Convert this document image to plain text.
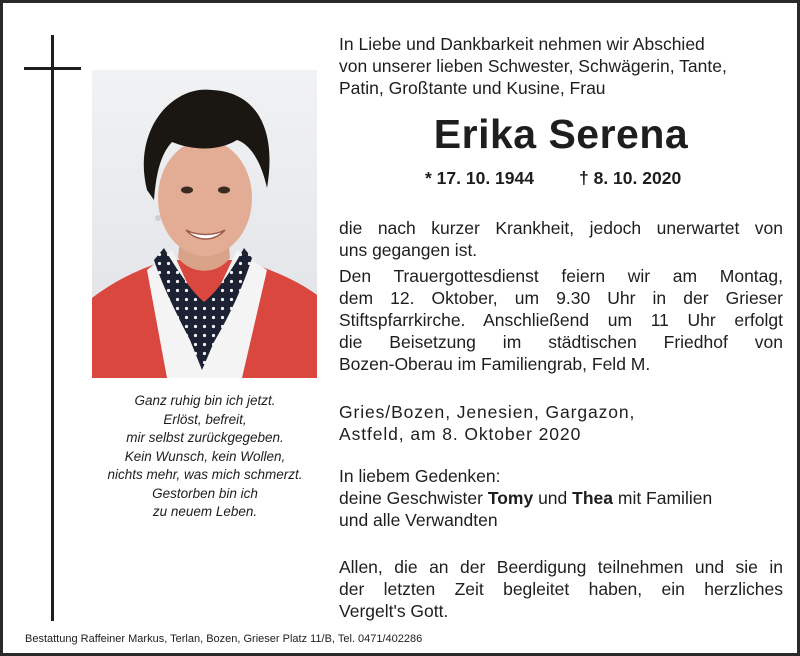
Ganz ruhig bin ich jetzt.
Erlöst, befreit,
mir selbst zurückgegeben.
Kein Wunsch, kein Wollen,
nichts mehr, was mich schmerzt.
Gestorben bin ich
zu neuem Leben.
In Liebe und Dankbarkeit nehmen wir Abschied
von unserer lieben Schwester, Schwägerin, Tante,
Patin, Großtante und Kusine, Frau
Erika Serena
* 17. 10. 1944	† 8. 10. 2020
die nach kurzer Krankheit, jedoch unerwartet von
uns gegangen ist.
Den Trauergottesdienst feiern wir am Montag,
dem 12. Oktober, um 9.30 Uhr in der Grieser
Stiftspfarrkirche. Anschließend um 11 Uhr erfolgt
die Beisetzung im städtischen Friedhof von
Bozen-Oberau im Familiengrab, Feld M.
Gries/Bozen, Jenesien, Gargazon,
Astfeld, am 8. Oktober 2020
In liebem Gedenken:
deine Geschwister Tomy und Thea mit Familien
und alle Verwandten
Allen, die an der Beerdigung teilnehmen und sie in
der letzten Zeit begleitet haben, ein herzliches
Vergelt's Gott.
Bestattung Raffeiner Markus, Terlan, Bozen, Grieser Platz 11/B, Tel. 0471/402286
